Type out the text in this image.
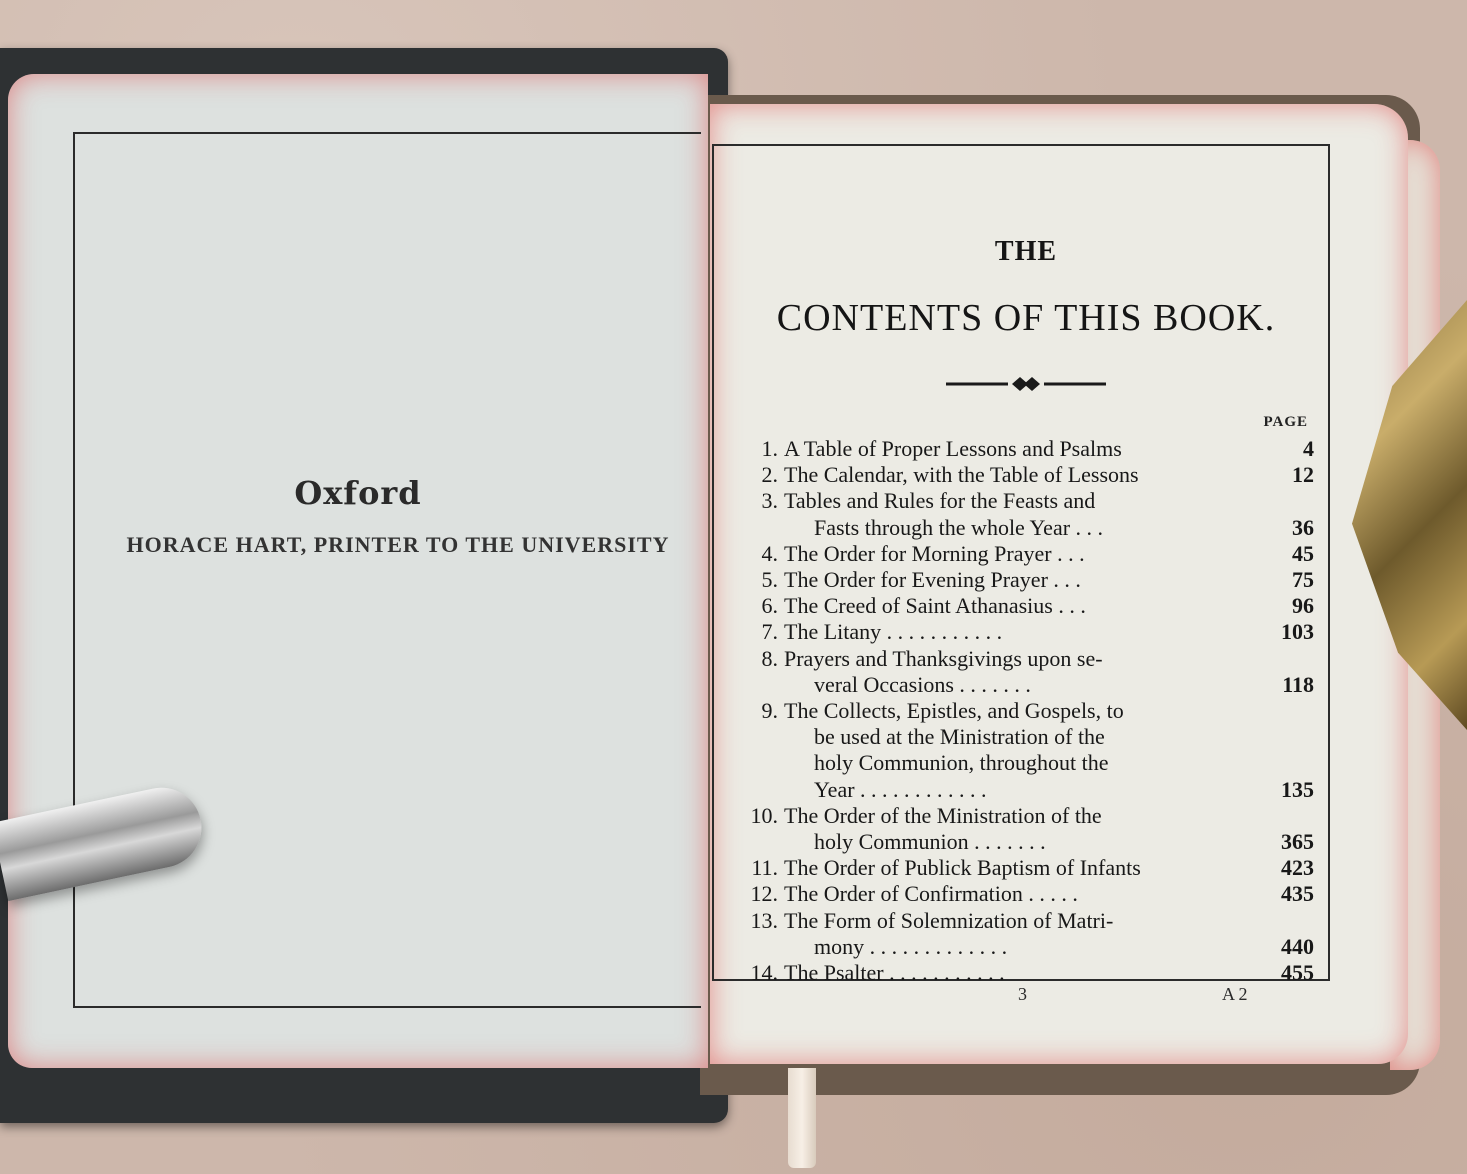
Oxford
HORACE HART, PRINTER TO THE UNIVERSITY
THE
CONTENTS OF THIS BOOK.
PAGE
1. A Table of Proper Lessons and Psalms	4
2. The Calendar, with the Table of Lessons	12
3. Tables and Rules for the Feasts and
Fasts through the whole Year . . .	36
4. The Order for Morning Prayer . . .	45
5. The Order for Evening Prayer . . .	75
6. The Creed of Saint Athanasius . . .	96
7. The Litany . . . . . . . . . . .	103
8. Prayers and Thanksgivings upon se-
veral Occasions . . . . . . .	118
9. The Collects, Epistles, and Gospels, to
be used at the Ministration of the
holy Communion, throughout the
Year . . . . . . . . . . . .	135
10. The Order of the Ministration of the
holy Communion . . . . . . .	365
11. The Order of Publick Baptism of Infants	423
12. The Order of Confirmation . . . . .	435
13. The Form of Solemnization of Matri-
mony . . . . . . . . . . . . .	440
14. The Psalter . . . . . . . . . . .	455
3	A 2
